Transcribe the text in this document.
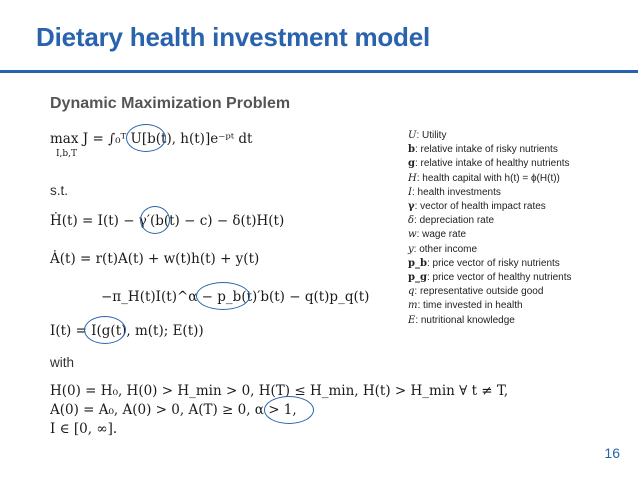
Dietary health investment model
Dynamic Maximization Problem
max J = ∫₀ᵀ U[b(t), h(t)]e⁻ᵖᵗ dt
I,b,T
s.t.
Ḣ(t) = I(t) − γ′(b(t) − c) − δ(t)H(t)
Ȧ(t) = r(t)A(t) + w(t)h(t) + y(t)
−π_H(t)I(t)^α − p_b(t)′b(t) − q(t)p_q(t)
I(t) = I(g(t), m(t); E(t))
with
H(0) = H₀, H(0) > H_min > 0, H(T) ≤ H_min, H(t) > H_min ∀ t ≠ T,
A(0) = A₀, A(0) > 0, A(T) ≥ 0, α > 1,
I ∈ [0, ∞].
U: Utility
b: relative intake of risky nutrients
g: relative intake of healthy nutrients
H: health capital with h(t) = ϕ(H(t))
I: health investments
γ: vector of health impact rates
δ: depreciation rate
w: wage rate
y: other income
p_b: price vector of risky nutrients
p_g: price vector of healthy nutrients
q: representative outside good
m: time invested in health
E: nutritional knowledge
16
